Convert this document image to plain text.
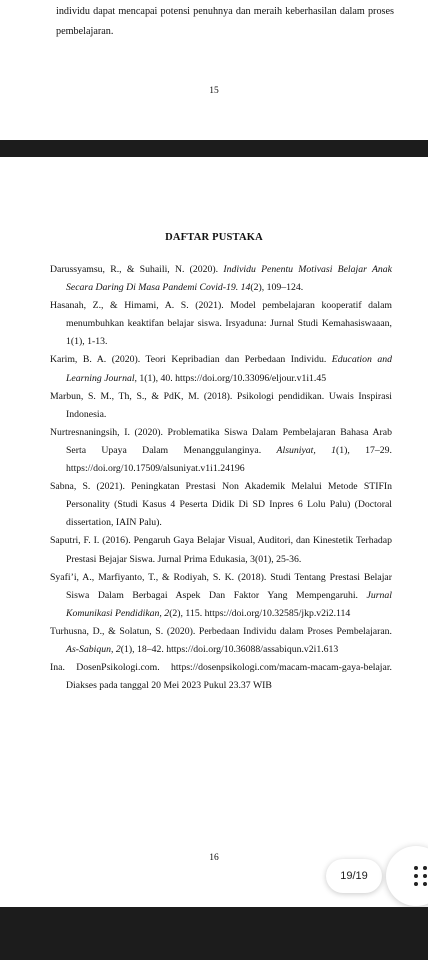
individu dapat mencapai potensi penuhnya dan meraih keberhasilan dalam proses pembelajaran.
15
DAFTAR PUSTAKA

Darussyamsu, R., & Suhaili, N. (2020). Individu Penentu Motivasi Belajar Anak Secara Daring Di Masa Pandemi Covid-19. 14(2), 109–124.

Hasanah, Z., & Himami, A. S. (2021). Model pembelajaran kooperatif dalam menumbuhkan keaktifan belajar siswa. Irsyaduna: Jurnal Studi Kemahasiswaaan, 1(1), 1-13.

Karim, B. A. (2020). Teori Kepribadian dan Perbedaan Individu. Education and Learning Journal, 1(1), 40. https://doi.org/10.33096/eljour.v1i1.45

Marbun, S. M., Th, S., & PdK, M. (2018). Psikologi pendidikan. Uwais Inspirasi Indonesia.

Nurtresnaningsih, I. (2020). Problematika Siswa Dalam Pembelajaran Bahasa Arab Serta Upaya Dalam Menanggulanginya. Alsuniyat, 1(1), 17–29. https://doi.org/10.17509/alsuniyat.v1i1.24196

Sabna, S. (2021). Peningkatan Prestasi Non Akademik Melalui Metode STIFIn Personality (Studi Kasus 4 Peserta Didik Di SD Inpres 6 Lolu Palu) (Doctoral dissertation, IAIN Palu).

Saputri, F. I. (2016). Pengaruh Gaya Belajar Visual, Auditori, dan Kinestetik Terhadap Prestasi Bejajar Siswa. Jurnal Prima Edukasia, 3(01), 25-36.

Syafi’i, A., Marfiyanto, T., & Rodiyah, S. K. (2018). Studi Tentang Prestasi Belajar Siswa Dalam Berbagai Aspek Dan Faktor Yang Mempengaruhi. Jurnal Komunikasi Pendidikan, 2(2), 115. https://doi.org/10.32585/jkp.v2i2.114

Turhusna, D., & Solatun, S. (2020). Perbedaan Individu dalam Proses Pembelajaran. As-Sabiqun, 2(1), 18–42. https://doi.org/10.36088/assabiqun.v2i1.613

Ina. DosenPsikologi.com. https://dosenpsikologi.com/macam-macam-gaya-belajar. Diakses pada tanggal 20 Mei 2023 Pukul 23.37 WIB

16
19/19
